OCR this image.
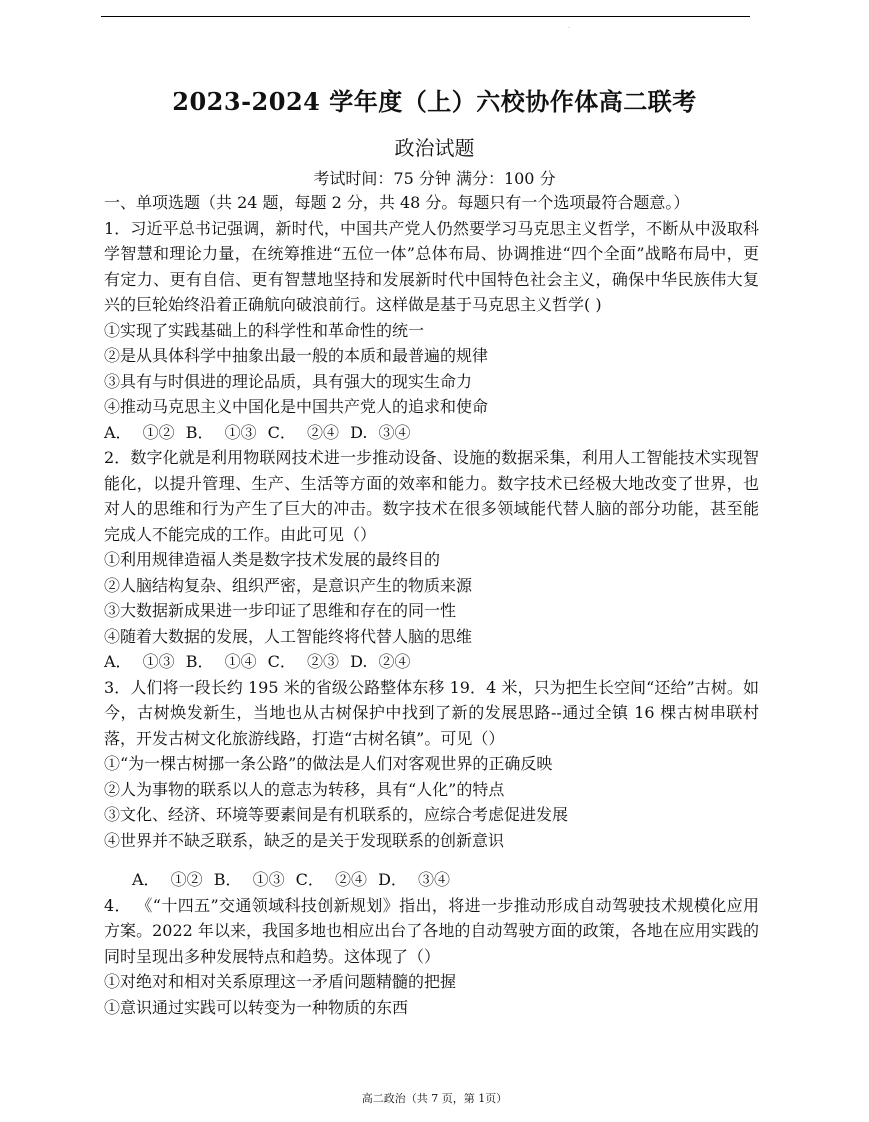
·
2023-2024 学年度（上）六校协作体高二联考
政治试题
考试时间：75 分钟 满分：100 分
一、单项选题（共 24 题，每题 2 分，共 48 分。每题只有一个选项最符合题意。）
1．习近平总书记强调，新时代，中国共产党人仍然要学习马克思主义哲学，不断从中汲取科学智慧和理论力量，在统筹推进“五位一体”总体布局、协调推进“四个全面”战略布局中，更有定力、更有自信、更有智慧地坚持和发展新时代中国特色社会主义，确保中华民族伟大复兴的巨轮始终沿着正确航向破浪前行。这样做是基于马克思主义哲学( )
①实现了实践基础上的科学性和革命性的统一
②是从具体科学中抽象出最一般的本质和最普遍的规律
③具有与时俱进的理论品质，具有强大的现实生命力
④推动马克思主义中国化是中国共产党人的追求和使命
A． ①② B． ①③ C． ②④ D. ③④
2．数字化就是利用物联网技术进一步推动设备、设施的数据采集，利用人工智能技术实现智能化，以提升管理、生产、生活等方面的效率和能力。数字技术已经极大地改变了世界，也对人的思维和行为产生了巨大的冲击。数字技术在很多领域能代替人脑的部分功能，甚至能完成人不能完成的工作。由此可见（）
①利用规律造福人类是数字技术发展的最终目的
②人脑结构复杂、组织严密，是意识产生的物质来源
③大数据新成果进一步印证了思维和存在的同一性
④随着大数据的发展，人工智能终将代替人脑的思维
A． ①③ B． ①④ C． ②③ D. ②④
3．人们将一段长约 195 米的省级公路整体东移 19．4 米，只为把生长空间“还给”古树。如今，古树焕发新生，当地也从古树保护中找到了新的发展思路--通过全镇 16 棵古树串联村落，开发古树文化旅游线路，打造“古树名镇”。可见（）
①“为一棵古树挪一条公路”的做法是人们对客观世界的正确反映
②人为事物的联系以人的意志为转移，具有“人化”的特点
③文化、经济、环境等要素间是有机联系的，应综合考虑促进发展
④世界并不缺乏联系，缺乏的是关于发现联系的创新意识
A． ①② B． ①③ C． ②④ D． ③④
4． 《“十四五”交通领域科技创新规划》指出，将进一步推动形成自动驾驶技术规模化应用方案。2022 年以来，我国多地也相应出台了各地的自动驾驶方面的政策，各地在应用实践的同时呈现出多种发展特点和趋势。这体现了（）
①对绝对和相对关系原理这一矛盾问题精髓的把握
①意识通过实践可以转变为一种物质的东西
高二政治（共 7 页，第 1页）
